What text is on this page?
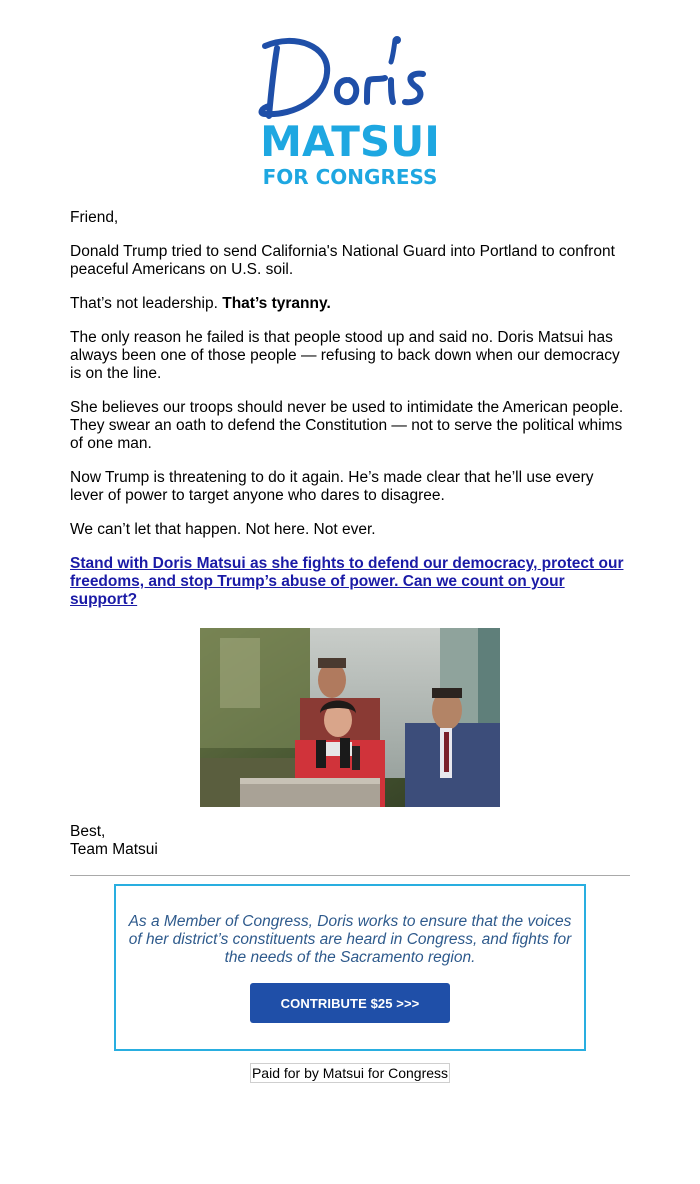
MATSUI
FOR CONGRESS

Friend,

Donald Trump tried to send California's National Guard into Portland to confront peaceful Americans on U.S. soil.

That’s not leadership. That’s tyranny.

The only reason he failed is that people stood up and said no. Doris Matsui has always been one of those people — refusing to back down when our democracy is on the line.

She believes our troops should never be used to intimidate the American people. They swear an oath to defend the Constitution — not to serve the political whims of one man.

Now Trump is threatening to do it again. He’s made clear that he’ll use every lever of power to target anyone who dares to disagree.

We can’t let that happen. Not here. Not ever.

Stand with Doris Matsui as she fights to defend our democracy, protect our freedoms, and stop Trump’s abuse of power. Can we count on your support?
Best,
Team Matsui
As a Member of Congress, Doris works to ensure that the voices of her district’s constituents are heard in Congress, and fights for the needs of the Sacramento region.
CONTRIBUTE $25 >>>
Paid for by Matsui for Congress
